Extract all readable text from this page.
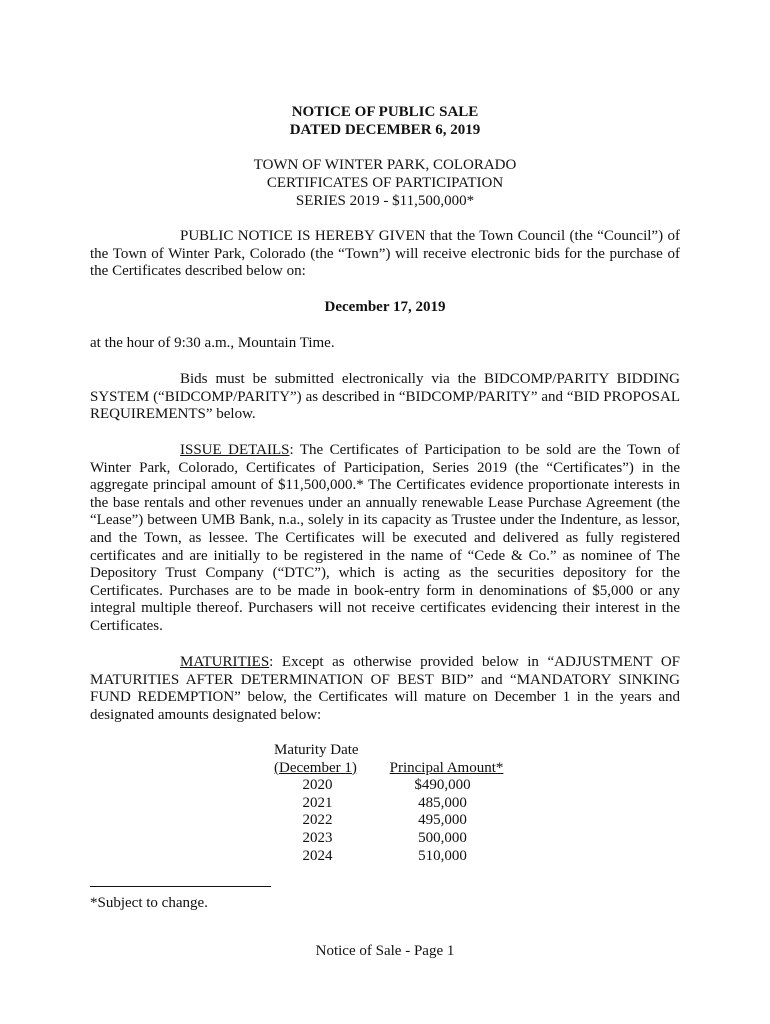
NOTICE OF PUBLIC SALE
DATED DECEMBER 6, 2019
TOWN OF WINTER PARK, COLORADO
CERTIFICATES OF PARTICIPATION
SERIES 2019 - $11,500,000*
PUBLIC NOTICE IS HEREBY GIVEN that the Town Council (the “Council”) of the Town of Winter Park, Colorado (the “Town”) will receive electronic bids for the purchase of the Certificates described below on:
December 17, 2019
at the hour of 9:30 a.m., Mountain Time.
Bids must be submitted electronically via the BIDCOMP/PARITY BIDDING SYSTEM (“BIDCOMP/PARITY”) as described in “BIDCOMP/PARITY” and “BID PROPOSAL REQUIREMENTS” below.
ISSUE DETAILS: The Certificates of Participation to be sold are the Town of Winter Park, Colorado, Certificates of Participation, Series 2019 (the “Certificates”) in the aggregate principal amount of $11,500,000.* The Certificates evidence proportionate interests in the base rentals and other revenues under an annually renewable Lease Purchase Agreement (the “Lease”) between UMB Bank, n.a., solely in its capacity as Trustee under the Indenture, as lessor, and the Town, as lessee. The Certificates will be executed and delivered as fully registered certificates and are initially to be registered in the name of “Cede & Co.” as nominee of The Depository Trust Company (“DTC”), which is acting as the securities depository for the Certificates. Purchases are to be made in book-entry form in denominations of $5,000 or any integral multiple thereof. Purchasers will not receive certificates evidencing their interest in the Certificates.
MATURITIES: Except as otherwise provided below in “ADJUSTMENT OF MATURITIES AFTER DETERMINATION OF BEST BID” and “MANDATORY SINKING FUND REDEMPTION” below, the Certificates will mature on December 1 in the years and designated amounts designated below:
Maturity Date
(December 1)	Principal Amount*
2020	$490,000
2021	485,000
2022	495,000
2023	500,000
2024	510,000
*Subject to change.
Notice of Sale - Page 1
